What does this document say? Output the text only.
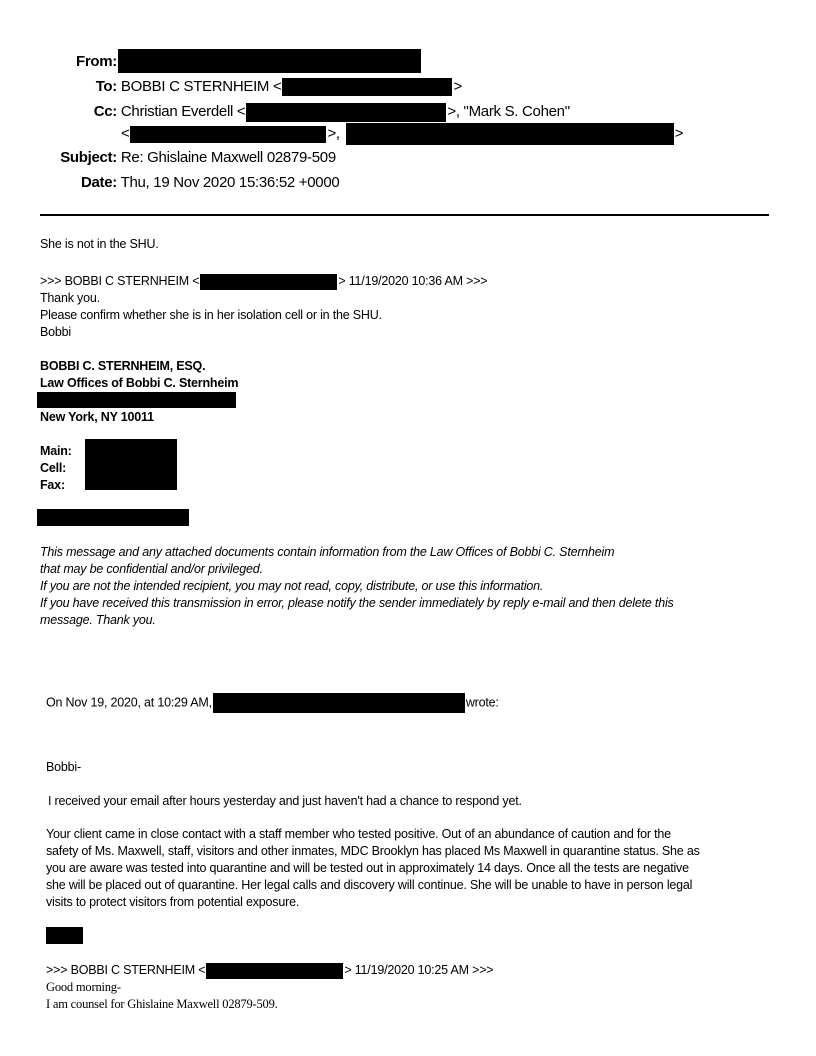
From:
To: BOBBI C STERNHEIM <	>
Cc: Christian Everdell <	>, "Mark S. Cohen"
<	>,	>
Subject: Re: Ghislaine Maxwell 02879-509
Date: Thu, 19 Nov 2020 15:36:52 +0000
She is not in the SHU.
>>> BOBBI C STERNHEIM <	> 11/19/2020 10:36 AM >>>
Thank you.
Please confirm whether she is in her isolation cell or in the SHU.
Bobbi
BOBBI C. STERNHEIM, ESQ.
Law Offices of Bobbi C. Sternheim
New York, NY 10011
Main:
Cell:
Fax:
This message and any attached documents contain information from the Law Offices of Bobbi C. Sternheim
that may be confidential and/or privileged.
If you are not the intended recipient, you may not read, copy, distribute, or use this information.
If you have received this transmission in error, please notify the sender immediately by reply e-mail and then delete this
message. Thank you.
On Nov 19, 2020, at 10:29 AM,	wrote:
Bobbi-
I received your email after hours yesterday and just haven't had a chance to respond yet.
Your client came in close contact with a staff member who tested positive. Out of an abundance of caution and for the
safety of Ms. Maxwell, staff, visitors and other inmates, MDC Brooklyn has placed Ms Maxwell in quarantine status. She as
you are aware was tested into quarantine and will be tested out in approximately 14 days. Once all the tests are negative
she will be placed out of quarantine. Her legal calls and discovery will continue. She will be unable to have in person legal
visits to protect visitors from potential exposure.
>>> BOBBI C STERNHEIM <	> 11/19/2020 10:25 AM >>>
Good morning-
I am counsel for Ghislaine Maxwell 02879-509.
